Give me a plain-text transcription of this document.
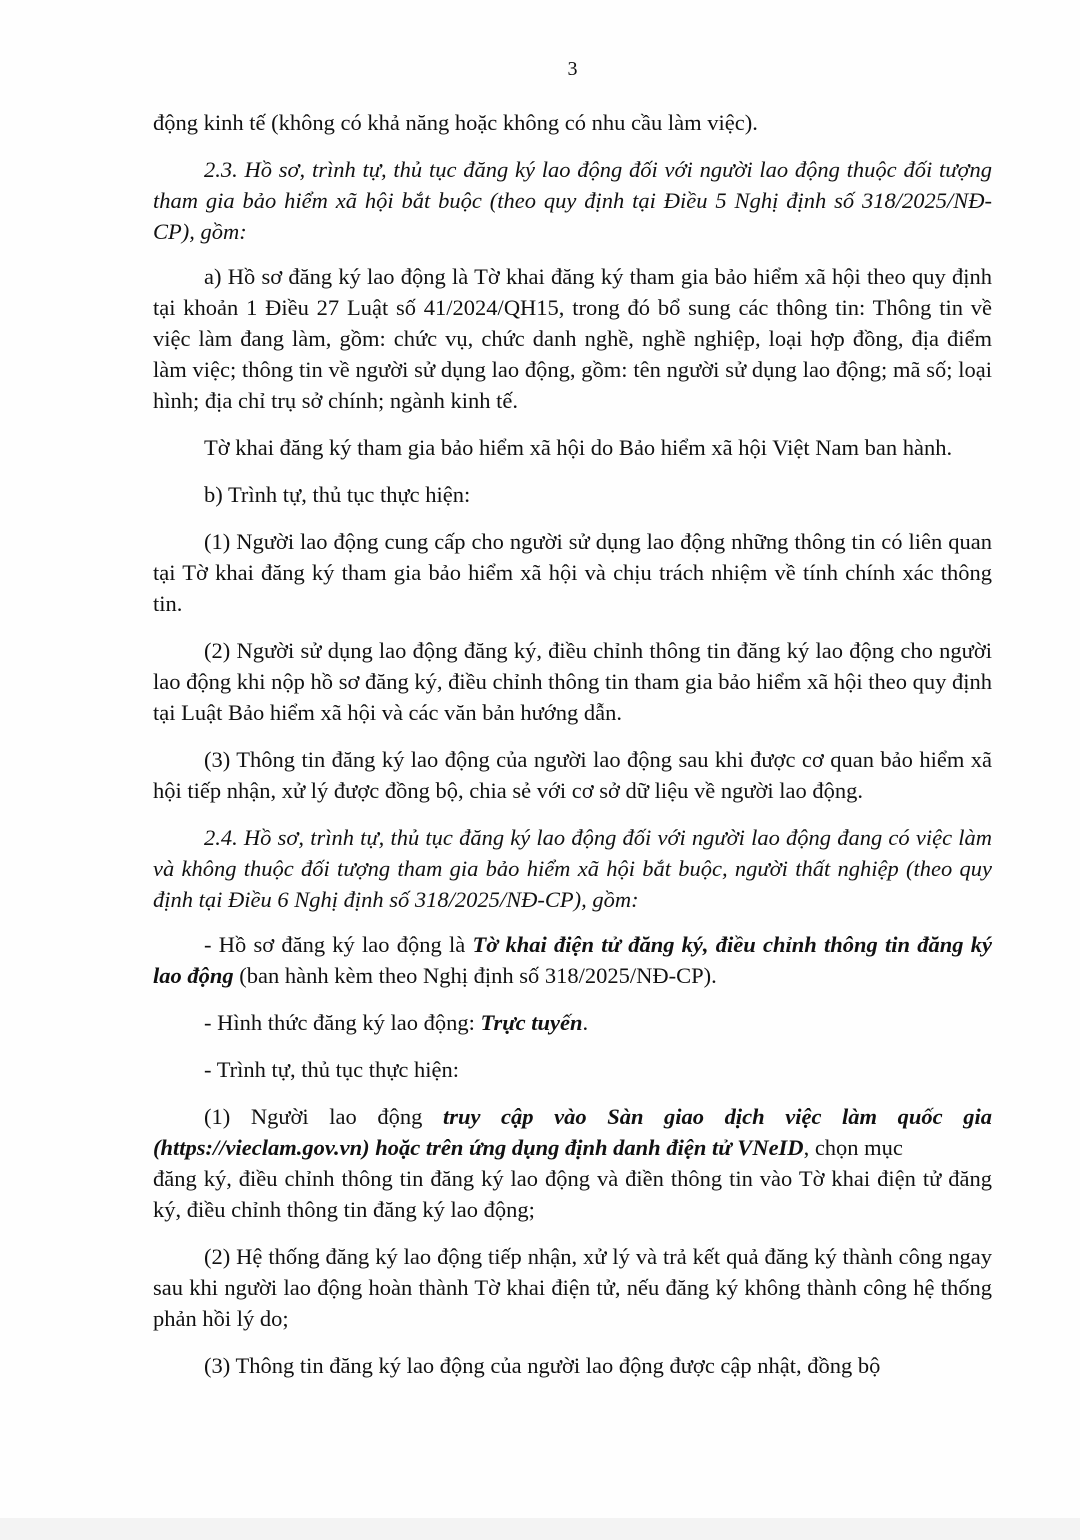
3

động kinh tế (không có khả năng hoặc không có nhu cầu làm việc).

2.3. Hồ sơ, trình tự, thủ tục đăng ký lao động đối với người lao động thuộc đối tượng tham gia bảo hiểm xã hội bắt buộc (theo quy định tại Điều 5 Nghị định số 318/2025/NĐ-CP), gồm:

a) Hồ sơ đăng ký lao động là Tờ khai đăng ký tham gia bảo hiểm xã hội theo quy định tại khoản 1 Điều 27 Luật số 41/2024/QH15, trong đó bổ sung các thông tin: Thông tin về việc làm đang làm, gồm: chức vụ, chức danh nghề, nghề nghiệp, loại hợp đồng, địa điểm làm việc; thông tin về người sử dụng lao động, gồm: tên người sử dụng lao động; mã số; loại hình; địa chỉ trụ sở chính; ngành kinh tế.

Tờ khai đăng ký tham gia bảo hiểm xã hội do Bảo hiểm xã hội Việt Nam ban hành.

b) Trình tự, thủ tục thực hiện:

(1) Người lao động cung cấp cho người sử dụng lao động những thông tin có liên quan tại Tờ khai đăng ký tham gia bảo hiểm xã hội và chịu trách nhiệm về tính chính xác thông tin.

(2) Người sử dụng lao động đăng ký, điều chỉnh thông tin đăng ký lao động cho người lao động khi nộp hồ sơ đăng ký, điều chỉnh thông tin tham gia bảo hiểm xã hội theo quy định tại Luật Bảo hiểm xã hội và các văn bản hướng dẫn.

(3) Thông tin đăng ký lao động của người lao động sau khi được cơ quan bảo hiểm xã hội tiếp nhận, xử lý được đồng bộ, chia sẻ với cơ sở dữ liệu về người lao động.

2.4. Hồ sơ, trình tự, thủ tục đăng ký lao động đối với người lao động đang có việc làm và không thuộc đối tượng tham gia bảo hiểm xã hội bắt buộc, người thất nghiệp (theo quy định tại Điều 6 Nghị định số 318/2025/NĐ-CP), gồm:

- Hồ sơ đăng ký lao động là Tờ khai điện tử đăng ký, điều chỉnh thông tin đăng ký lao động (ban hành kèm theo Nghị định số 318/2025/NĐ-CP).

- Hình thức đăng ký lao động: Trực tuyến.

- Trình tự, thủ tục thực hiện:

(1) Người lao động truy cập vào Sàn giao dịch việc làm quốc gia (https://vieclam.gov.vn) hoặc trên ứng dụng định danh điện tử VNeID, chọn mục

đăng ký, điều chỉnh thông tin đăng ký lao động và điền thông tin vào Tờ khai điện tử đăng ký, điều chỉnh thông tin đăng ký lao động;

(2) Hệ thống đăng ký lao động tiếp nhận, xử lý và trả kết quả đăng ký thành công ngay sau khi người lao động hoàn thành Tờ khai điện tử, nếu đăng ký không thành công hệ thống phản hồi lý do;

(3) Thông tin đăng ký lao động của người lao động được cập nhật, đồng bộ
